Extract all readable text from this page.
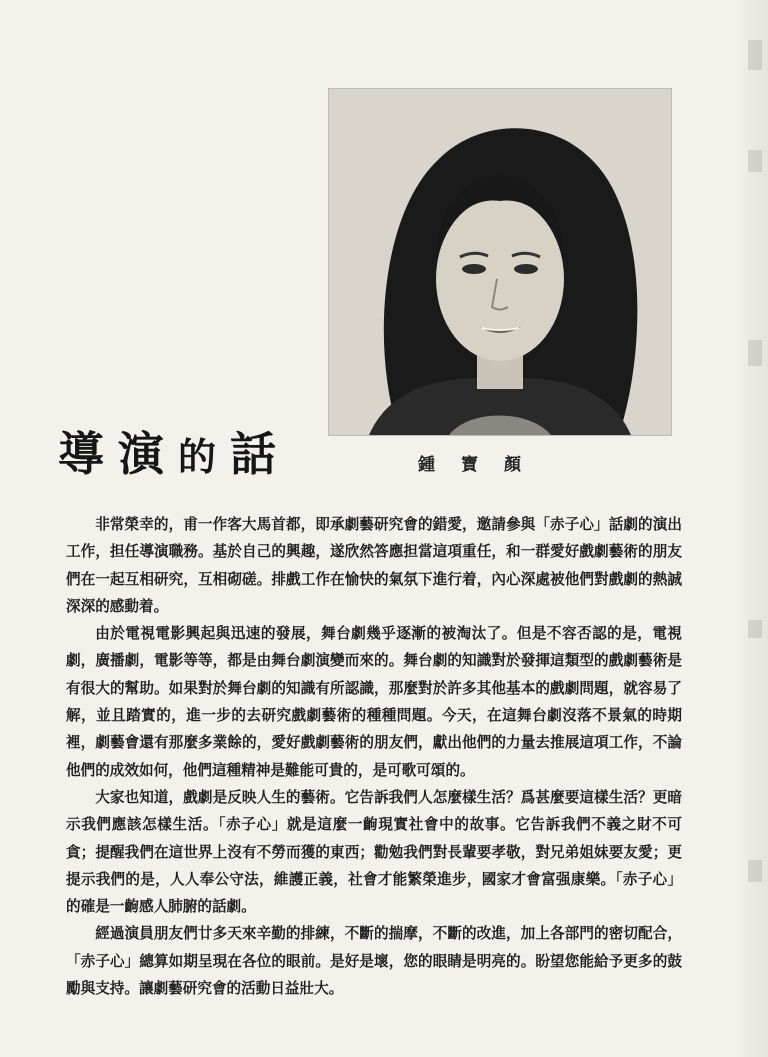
導演的話	鍾寶顏

非常榮幸的，甫一作客大馬首都，即承劇藝研究會的錯愛，邀請參與「赤子心」話劇的演出工作，担任導演職務。基於自己的興趣，遂欣然答應担當這項重任，和一群愛好戲劇藝術的朋友們在一起互相研究，互相砌磋。排戲工作在愉快的氣氛下進行着，內心深處被他們對戲劇的熱誠深深的感動着。

由於電視電影興起與迅速的發展，舞台劇幾乎逐漸的被淘汰了。但是不容否認的是，電視劇，廣播劇，電影等等，都是由舞台劇演變而來的。舞台劇的知識對於發揮這類型的戲劇藝術是有很大的幫助。如果對於舞台劇的知識有所認識，那麼對於許多其他基本的戲劇問題，就容易了解，並且踏實的，進一步的去研究戲劇藝術的種種問題。今天，在這舞台劇沒落不景氣的時期裡，劇藝會還有那麼多業餘的，愛好戲劇藝術的朋友們，獻出他們的力量去推展這項工作，不論他們的成效如何，他們這種精神是難能可貴的，是可歌可頌的。

大家也知道，戲劇是反映人生的藝術。它告訴我們人怎麼樣生活？爲甚麼要這樣生活？更暗示我們應該怎樣生活。「赤子心」就是這麼一齣現實社會中的故事。它告訴我們不義之財不可貪；提醒我們在這世界上沒有不勞而獲的東西；勸勉我們對長輩要孝敬，對兄弟姐妹要友愛；更提示我們的是，人人奉公守法，維護正義，社會才能繁榮進步，國家才會富强康樂。「赤子心」的確是一齣感人肺腑的話劇。

經過演員朋友們廿多天來辛勤的排練，不斷的揣摩，不斷的改進，加上各部門的密切配合，「赤子心」總算如期呈現在各位的眼前。是好是壞，您的眼睛是明亮的。盼望您能給予更多的鼓勵與支持。讓劇藝研究會的活動日益壯大。
